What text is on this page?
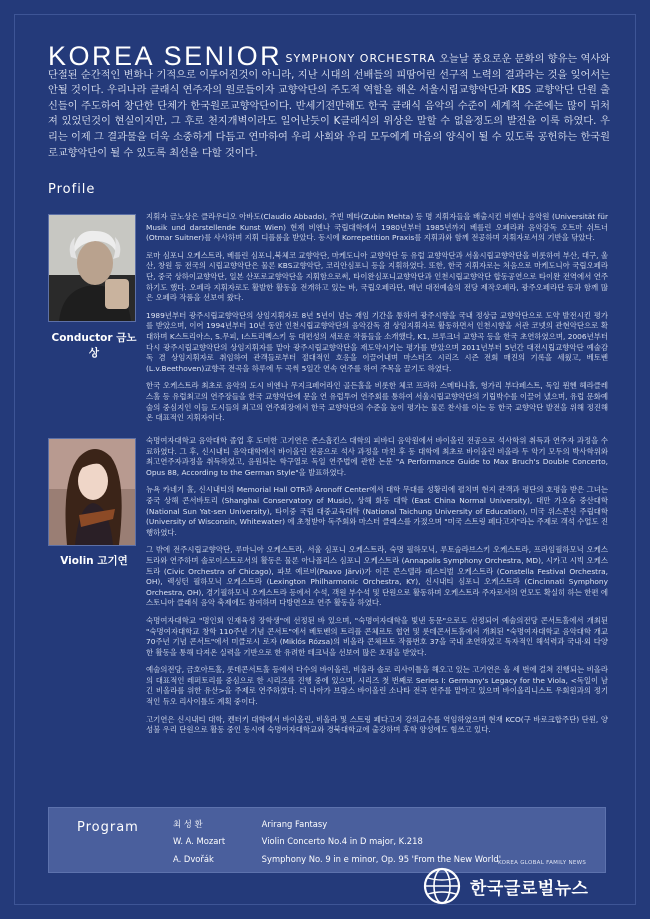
KOREA SENIOR SYMPHONY ORCHESTRA 오늘날 풍요로운 문화의 향유는 역사와 단절된 순간적인 변화나 기적으로 이루어진것이 아니라, 지난 시대의 선배들의 피땀어린 선구적 노력의 결과라는 것을 잊어서는 안될 것이다. 우리나라 클래식 연주자의 원로들이자 교향악단의 주도적 역할을 해온 서울시립교향악단과 KBS 교향악단 단원 출신들이 주도하여 창단한 단체가 한국원로교향악단이다. 반세기전만해도 한국 클래식 음악의 수준이 세계적 수준에는 많이 뒤처져 있었던것이 현실이지만, 그 후로 천지개벽이라도 일어난듯이 K클래식의 위상은 말할 수 없을정도의 발전을 이룩 하였다. 우리는 이제 그 결과물을 더욱 소중하게 다듬고 연마하여 우리 사회와 우리 모두에게 마음의 양식이 될 수 있도록 공헌하는 한국원로교향악단이 될 수 있도록 최선을 다할 것이다.
Profile
Conductor 금노상

지휘자 금노상은 클라우디오 아바도(Claudio Abbado), 주빈 메타(Zubin Mehta) 등 명 지휘자들을 배출시킨 비엔나 음악원 (Universität für Musik und darstellende Kunst Wien) 현재 비엔나 국립대학에서 1980년부터 1985년까지 베를린 오페라좌 음악감독 오트마 쉬트너(Otmar Suitner)를 사사하며 지휘 디플롬을 받았다. 동시에 Korrepetition Praxis를 지휘과와 함께 전공하며 지휘자로서의 기반을 닦았다.

로마 심포니 오케스트라, 베를린 심포니,북체코 교향악단, 마케도니아 교향악단 등 유럽 교향악단과 서울시립교향악단을 비롯하여 부산, 대구, 울산, 창원 등 전국의 시립교향악단은 물론 KBS교향악단, 코리안심포니 등을 지휘하였다. 또한, 한국 지휘자로는 처음으로 마케도니아 국립오페라단, 중국 상하이교향악단, 일본 산포로교향악단을 지휘함으로써, 타이완심포니교향악단과 인천시립교향악단 합동공연으로 타이완 전역에서 연주하기도 했다. 오페라 지휘자로도 활발한 활동을 전개하고 있는 바, 국립오페라단, 매년 대전예술의 전당 제작오페라, 광주오페라단 등과 함께 많은 오페라 작품을 선보여 왔다.

1989년부터 광주시립교향악단의 상임지휘자로 8년 5년이 넘는 재임 기간을 통하여 광주시향을 국내 정상급 교향악단으로 도약 발전시킨 평가를 받았으며, 이어 1994년부터 10년 동안 인천시립교향악단의 음악감독 겸 상임지휘자로 활동하면서 인천시향을 서관 코넷의 관현악단으로 확대하며 K스트리아스, S.무피, I스트리벡스키 등 대편성의 새로운 작품들을 소개했다, K1, 브루크너 교향곡 등을 한국 초연하였으며, 2006년부터 다시 광주시립교향악단의 상임지휘자를 맡아 광주시립교향악단을 재도약시키는 평가를 받았으며 2011년부터 5년간 대전시립교향악단 예술감독 겸 상임지휘자로 취임하여 관객들로부터 절대적인 호응을 이끌어내며 마스터즈 시리즈 시즌 전회 매진의 기록을 세웠고, 베토벤(L.v.Beethoven)교향곡 전곡을 하루에 두 곡씩 5일간 연속 연주를 하여 주목을 끌기도 하였다.

한국 오케스트라 최초로 음악의 도시 비엔나 무지크페어라인 골든홀을 비롯한 체코 프라하 스메타나홀, 헝가리 부다페스트, 독일 뮌헨 헤라클레스홀 등 유럽최고의 연주장들을 한국 교향악단에 문을 연 유럽투어 연주회를 통하여 서울시립교향악단의 기립박수를 이끌어 냈으며, 유럽 문화예술의 중심지인 이들 도시들의 최고의 연주회장에서 한국 교향악단의 수준을 높이 평가는 물론 찬사를 이는 등 한국 교향악단 발전을 위해 정진해온 대표적인 지휘자이다.

Violin 고기연

숙명여자대학교 음악대학 졸업 후 도미한 고기연은 존스홉킨스 대학의 피바디 음악원에서 바이올린 전공으로 석사학위 취득과 연주자 과정을 수료하였다. 그 후, 신시내티 음악대학에서 바이올린 전공으로 석사 과정을 마친 후 동 대학에 최초로 바이올린 비올라 두 악기 모두의 박사학위와 최고연주자과정을 취득하였고, 음원되는 학구열로 독일 연주법에 관한 논문 "A Performance Guide to Max Bruch's Double Concerto, Opus 88, According to the German Style"을 발표하였다.

뉴욕 카네기 홀, 신시내티의 Memorial Hall OTR과 Aronoff Center에서 대학 무대를 성황리에 펼치며 현지 관객과 평단의 호평을 받은 그녀는 중국 상해 콘서바토리 (Shanghai Conservatory of Music), 상해 화동 대학 (East China Normal University), 대만 가오슝 중산대학 (National Sun Yat-sen University), 타이중 국립 대중교육대학 (National Taichung University of Education), 미국 위스콘신 주립대학 (University of Wisconsin, Whitewater) 에 초청받아 독주회와 마스터 클래스를 가졌으며 "미국 스트링 페다고지"라는 주제로 객석 수업도 진행하였다.

그 밖에 전주시립교향악단, 루마니아 오케스트라, 서울 심포니 오케스트라, 숙명 필하모닉, 루토슬라브스키 오케스트라, 프라임필하모닉 오케스트라와 연주하며 솔로이스트로서의 활동은 물론 아나폴리스 심포니 오케스트라 (Annapolis Symphony Orchestra, MD), 시카고 시빅 오케스트라 (Civic Orchestra of Chicago), 파보 예르비(Paavo Järvi)가 이끈 콘스텔라 페스티벌 오케스트라 (Constella Festival Orchestra, OH), 렉싱턴 필하모닉 오케스트라 (Lexington Philharmonic Orchestra, KY), 신시내티 심포니 오케스트라 (Cincinnati Symphony Orchestra, OH), 경기필하모닉 오케스트라 등에서 수석, 객원 부수석 및 단원으로 활동하며 오케스트라 주자로서의 연모도 확실히 하는 한편 에스토니아 클래식 음악 축제에도 참여하며 다방면으로 연주 활동을 하였다.

숙명여자대학교 "명인회 인재육성 장학생"에 선정된 바 있으며, "숙명여자대학을 빛낸 동문"으로도 선정되어 예술의전당 콘서트홀에서 개최된 "숙명여자대학교 창학 110주년 기념 콘서트"에서 베토벤의 트리플 콘체르토 협연 및 롯데콘서트홀에서 개최된 "숙명여자대학교 음악대학 개교 70주년 기념 콘서트"에서 미클로시 로자 (Miklós Rózsa)의 비올라 콘체르토 작품번호 37을 국내 초연하였고 독자적인 해석력과 국내·외 다양한 활동을 통해 다져온 실력을 기반으로 한 유려한 테크닉을 선보여 많은 호평을 받았다.

예술의전당, 금호아트홀, 롯데콘서트홀 등에서 다수의 바이올린, 비올라 솔로 리사이틀을 해오고 있는 고기연은 올 세 번에 걸쳐 진행되는 비올라의 대표적인 레퍼토리를 중심으로 한 시리즈를 진행 중에 있으며, 시리즈 첫 번째로 Series I: Germany's Legacy for the Viola, <독일이 남긴 비올라를 위한 유산>을 주제로 연주하였다. 더 나아가 브람스 바이올린 소나타 전곡 연주를 맡아고 있으며 바이올리니스트 우회원과의 정기적인 듀오 리사이틀도 계획 중이다.

고기연은 신시내티 대학, 켄터키 대학에서 바이올린, 비올라 및 스트링 페다고지 강의교수를 역임하였으며 현재 KCO(구 바로크합주단) 단원, 양성불 우리 단원으로 활동 중인 동시에 숙명여자대학교와 경북대학교에 출강하며 후학 양성에도 힘쓰고 있다.

Program	최 성 환	Arirang Fantasy
W. A. Mozart	Violin Concerto No.4 in D major, K.218
A. Dvořák	Symphony No. 9 in e minor, Op. 95 'From the New World'
KOREA GLOBAL FAMILY NEWS
한국글로벌뉴스
